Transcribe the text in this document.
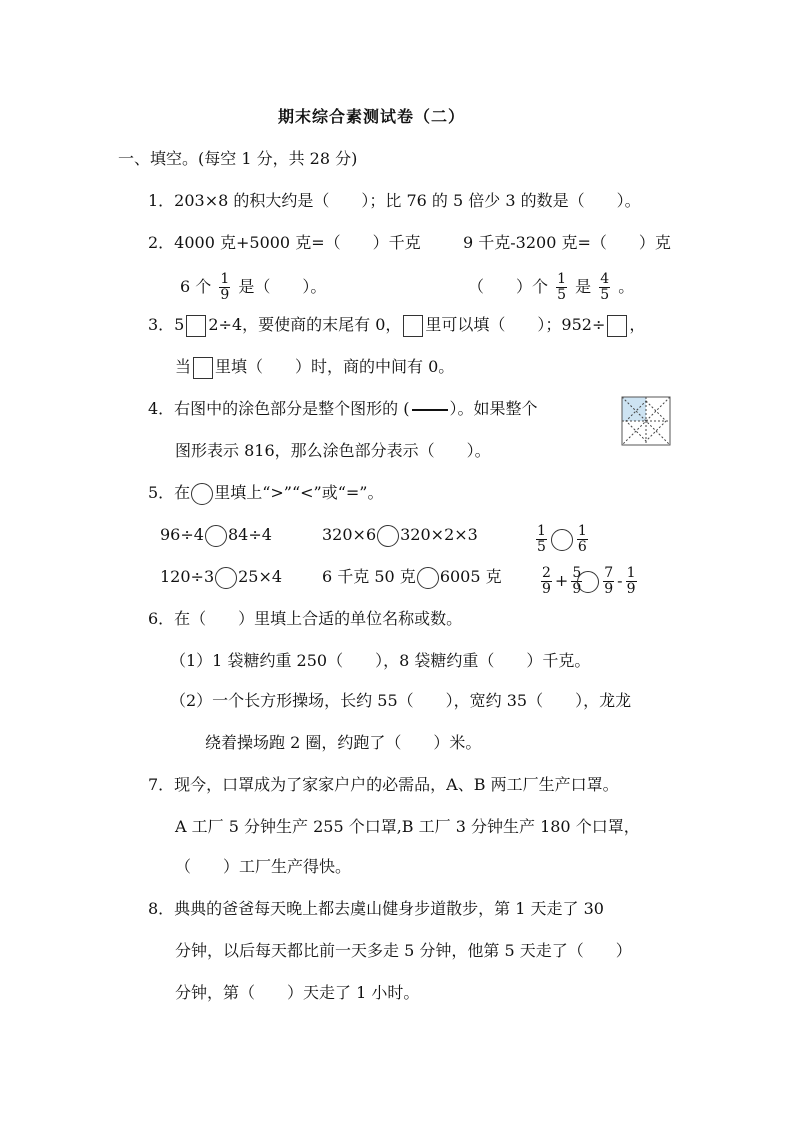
期末综合素测试卷（二）
一、填空。(每空 1 分，共 28 分)
1．203×8 的积大约是（　　）；比 76 的 5 倍少 3 的数是（　　）。
2．4000 克+5000 克=（　　）千克	9 千克-3200 克=（　　）克
6 个 $\frac{1}{9}$ 是（　　）。	（　　）个 $\frac{1}{5}$ 是 $\frac{4}{5}$ 。
3．5 2÷4，要使商的末尾有 0， 里可以填（　　）；952÷ ，
当 里填（　　）时，商的中间有 0。
4．右图中的涂色部分是整个图形的 (	）。如果整个
图形表示 816，那么涂色部分表示（　　）。
5．在 里填上“>”“<”或“=”。
96÷4 84÷4	320×6 320×2×3	$\frac{1}{5} \frac{1}{6}$
120÷3 25×4 6 千克 50 克 6005 克	$\frac{2}{9} + \frac{5}{9} \frac{7}{9} - \frac{1}{9}$
6．在（　　）里填上合适的单位名称或数。
（1）1 袋糖约重 250（　　），8 袋糖约重（　　）千克。
（2）一个长方形操场，长约 55（　　），宽约 35（　　），龙龙
绕着操场跑 2 圈，约跑了（　　）米。
7．现今，口罩成为了家家户户的必需品，A、B 两工厂生产口罩。
A 工厂 5 分钟生产 255 个口罩,B 工厂 3 分钟生产 180 个口罩，
（　　）工厂生产得快。
8．典典的爸爸每天晚上都去虞山健身步道散步，第 1 天走了 30
分钟，以后每天都比前一天多走 5 分钟，他第 5 天走了（　　）
分钟，第（　　）天走了 1 小时。
